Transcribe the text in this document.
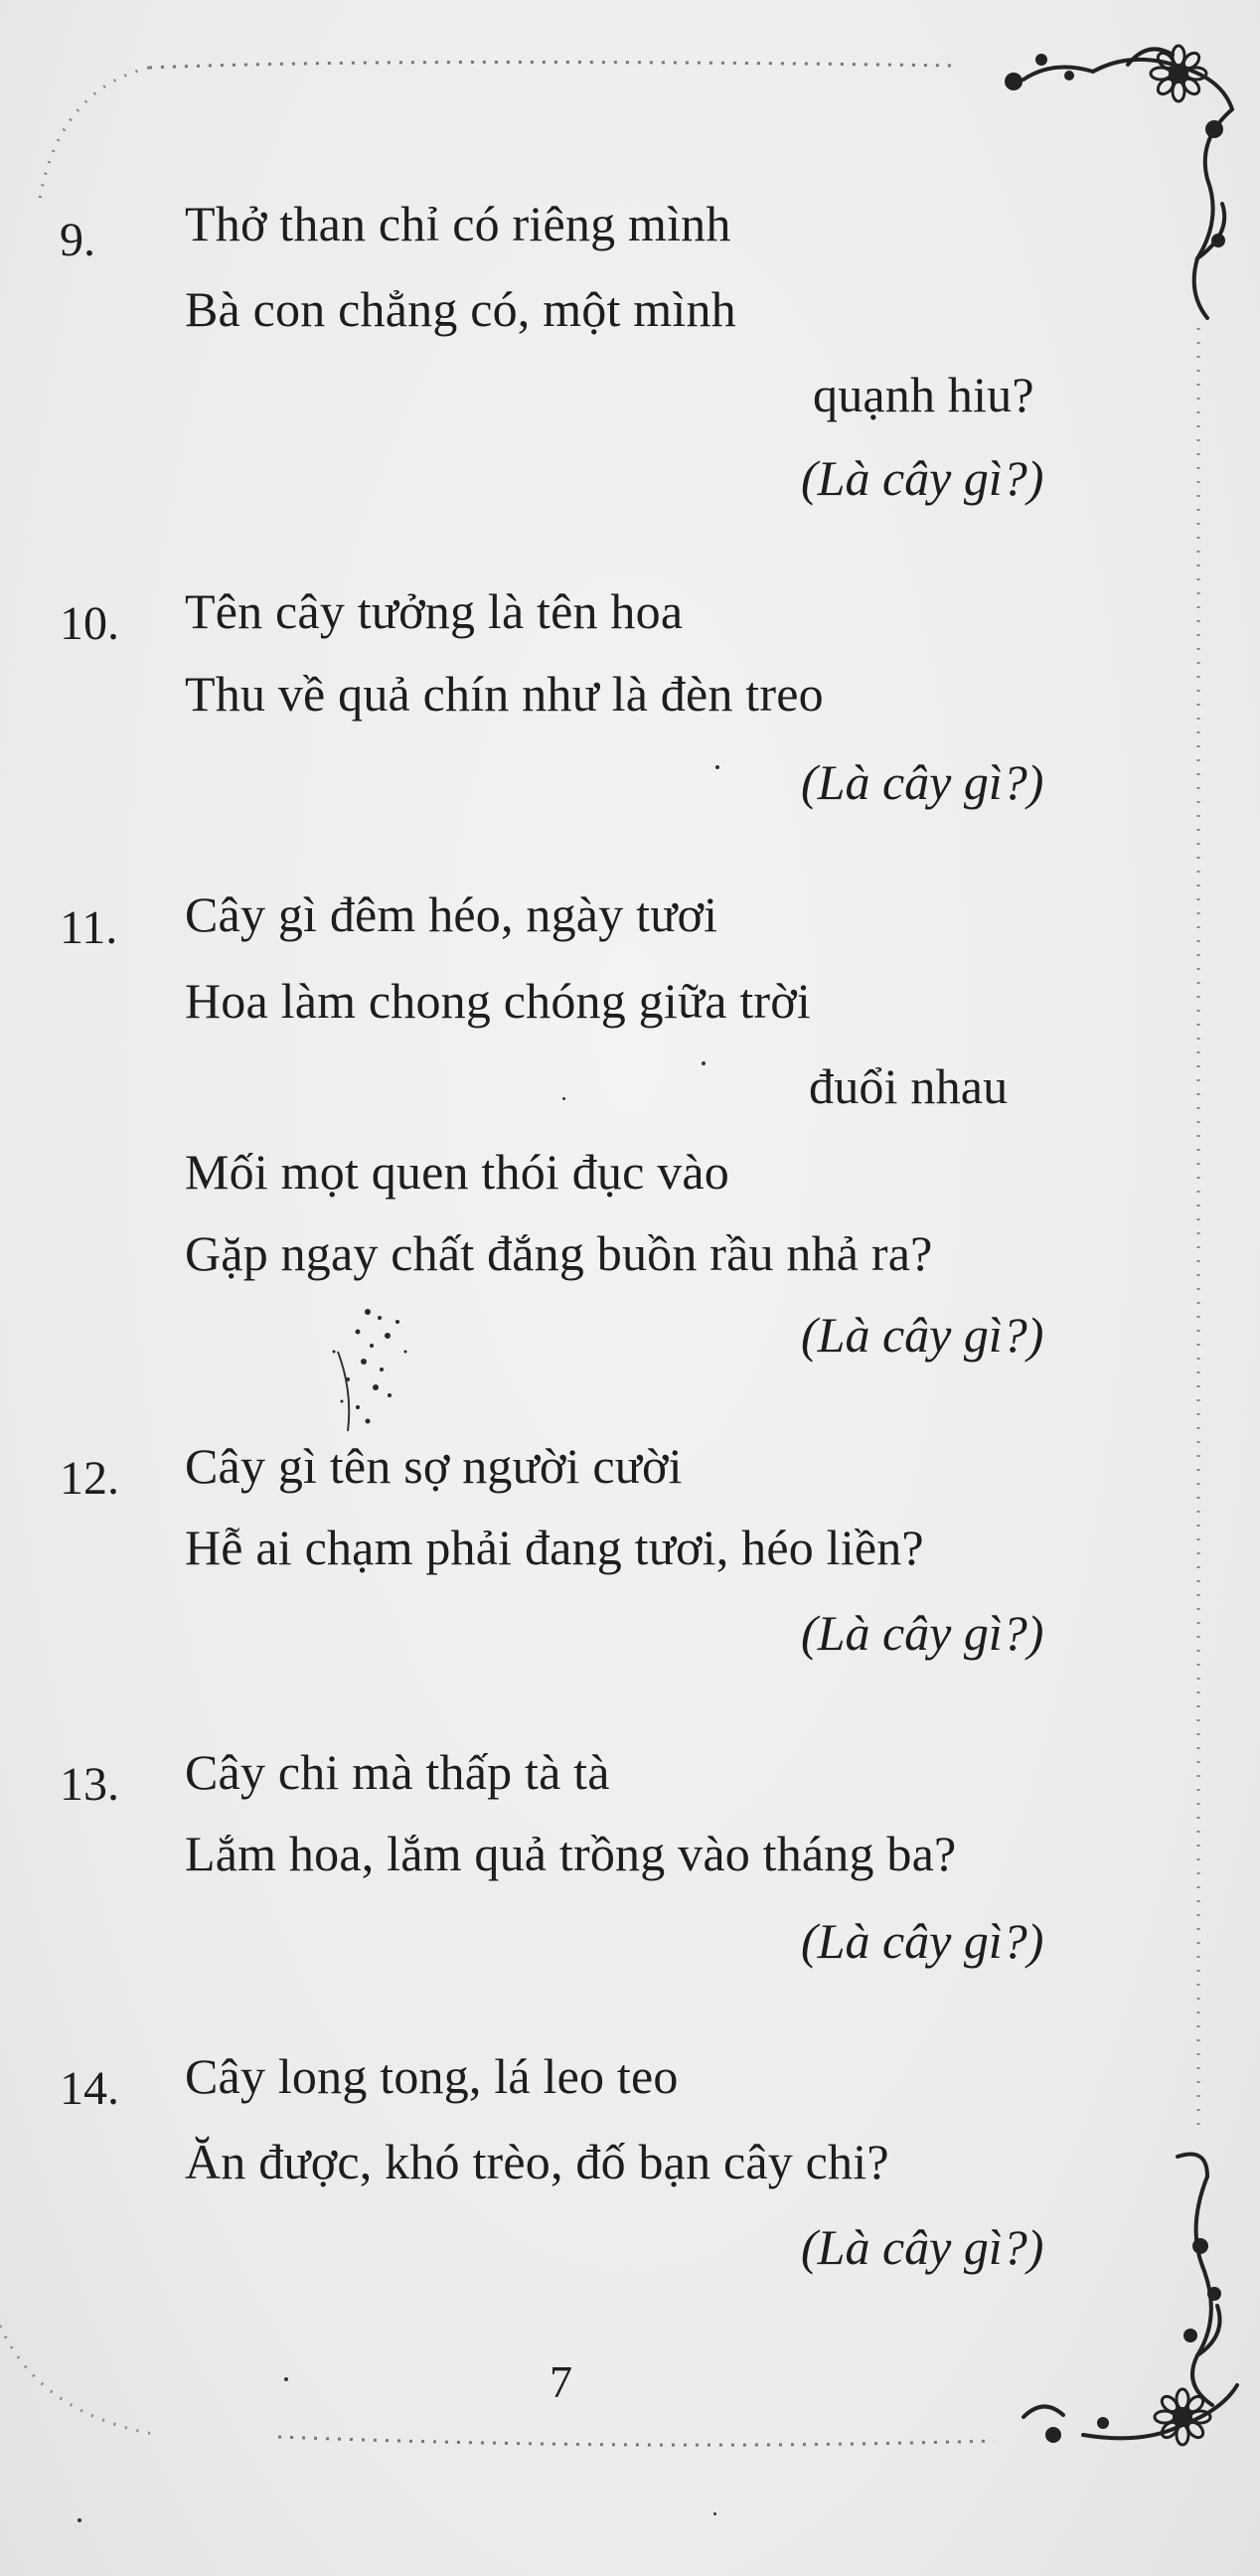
9. Thở than chỉ có riêng mình
Bà con chẳng có, một mình
quạnh hiu?
(Là cây gì?)
10. Tên cây tưởng là tên hoa
Thu về quả chín như là đèn treo
(Là cây gì?)
11. Cây gì đêm héo, ngày tươi
Hoa làm chong chóng giữa trời
đuổi nhau
Mối mọt quen thói đục vào
Gặp ngay chất đắng buồn rầu nhả ra?
(Là cây gì?)
12. Cây gì tên sợ người cười
Hễ ai chạm phải đang tươi, héo liền?
(Là cây gì?)
13. Cây chi mà thấp tà tà
Lắm hoa, lắm quả trồng vào tháng ba?
(Là cây gì?)
14. Cây long tong, lá leo teo
Ăn được, khó trèo, đố bạn cây chi?
(Là cây gì?)
7
